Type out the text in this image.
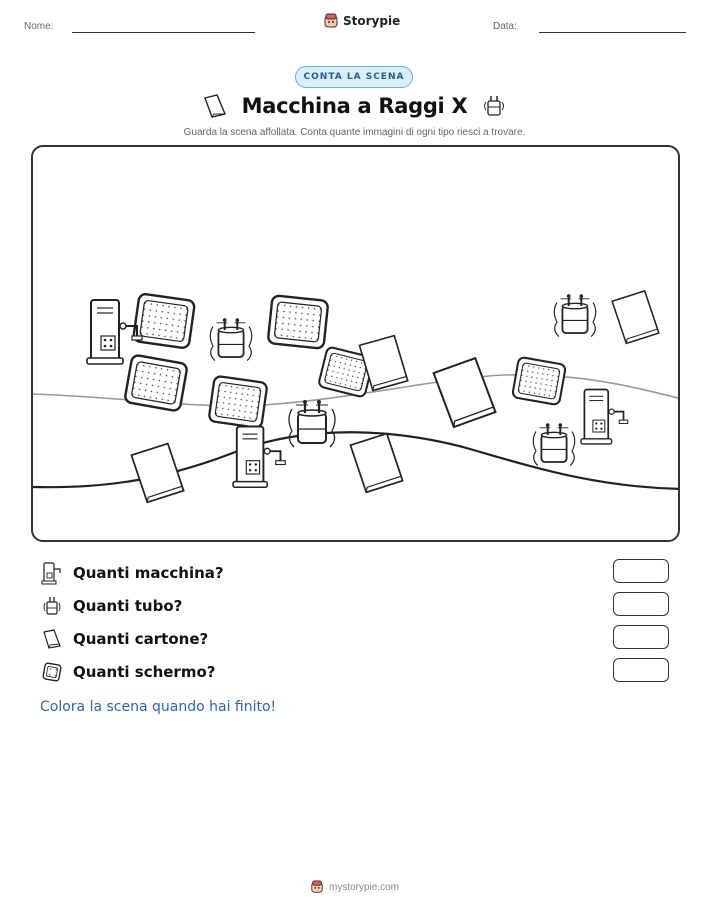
Nome:	Storypie	Data:
CONTA LA SCENA
Macchina a Raggi X
Guarda la scena affollata. Conta quante immagini di ogni tipo riesci a trovare.
Quanti macchina?
Quanti tubo?
Quanti cartone?
Quanti schermo?
Colora la scena quando hai finito!
mystorypie.com
